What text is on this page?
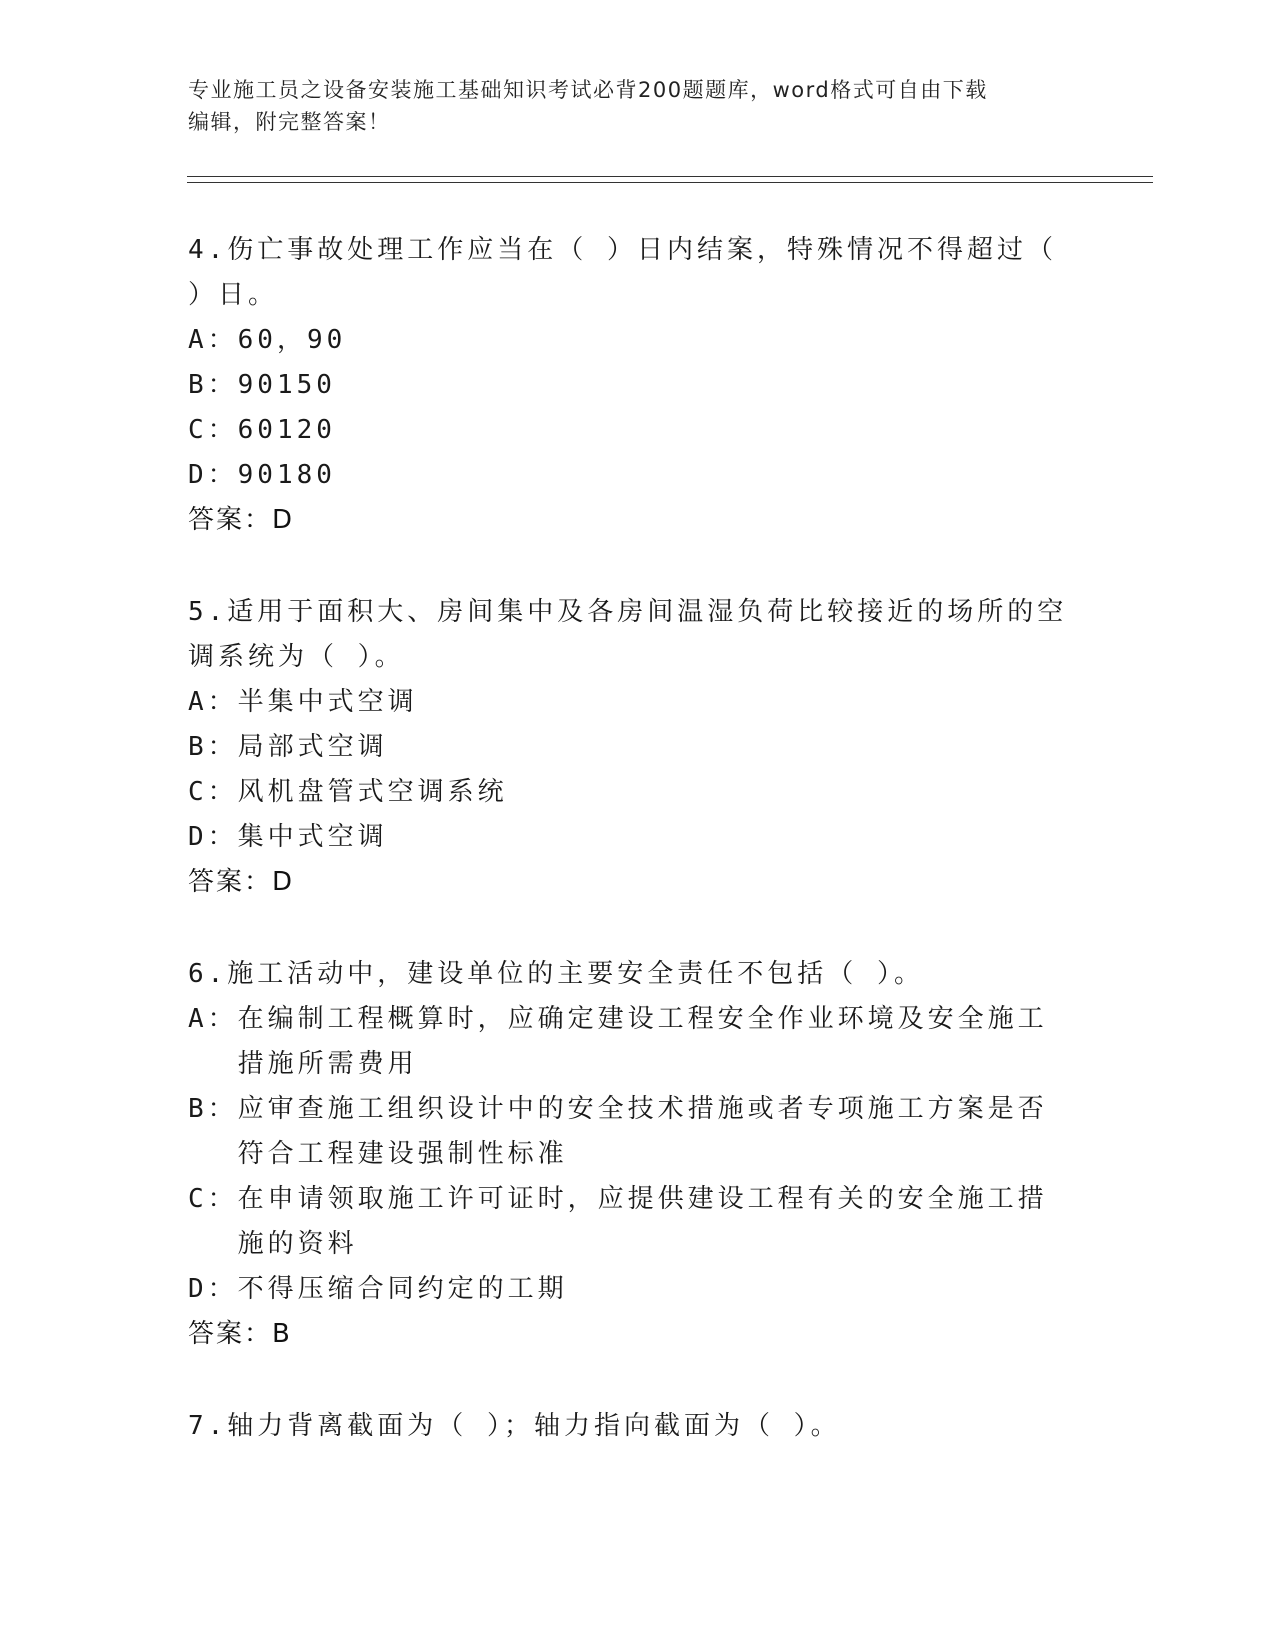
专业施工员之设备安装施工基础知识考试必背200题题库，word格式可自由下载
编辑，附完整答案！
4.伤亡事故处理工作应当在（ ）日内结案，特殊情况不得超过（ ）日。
A： 60，90
B： 90150
C： 60120
D： 90180
答案：D
5.适用于面积大、房间集中及各房间温湿负荷比较接近的场所的空调系统为（ ）。
A： 半集中式空调
B： 局部式空调
C： 风机盘管式空调系统
D： 集中式空调
答案：D
6.施工活动中，建设单位的主要安全责任不包括（ ）。
A： 在编制工程概算时，应确定建设工程安全作业环境及安全施工措施所需费用
B： 应审查施工组织设计中的安全技术措施或者专项施工方案是否符合工程建设强制性标准
C： 在申请领取施工许可证时，应提供建设工程有关的安全施工措施的资料
D： 不得压缩合同约定的工期
答案：B
7.轴力背离截面为（ ）；轴力指向截面为（ ）。
